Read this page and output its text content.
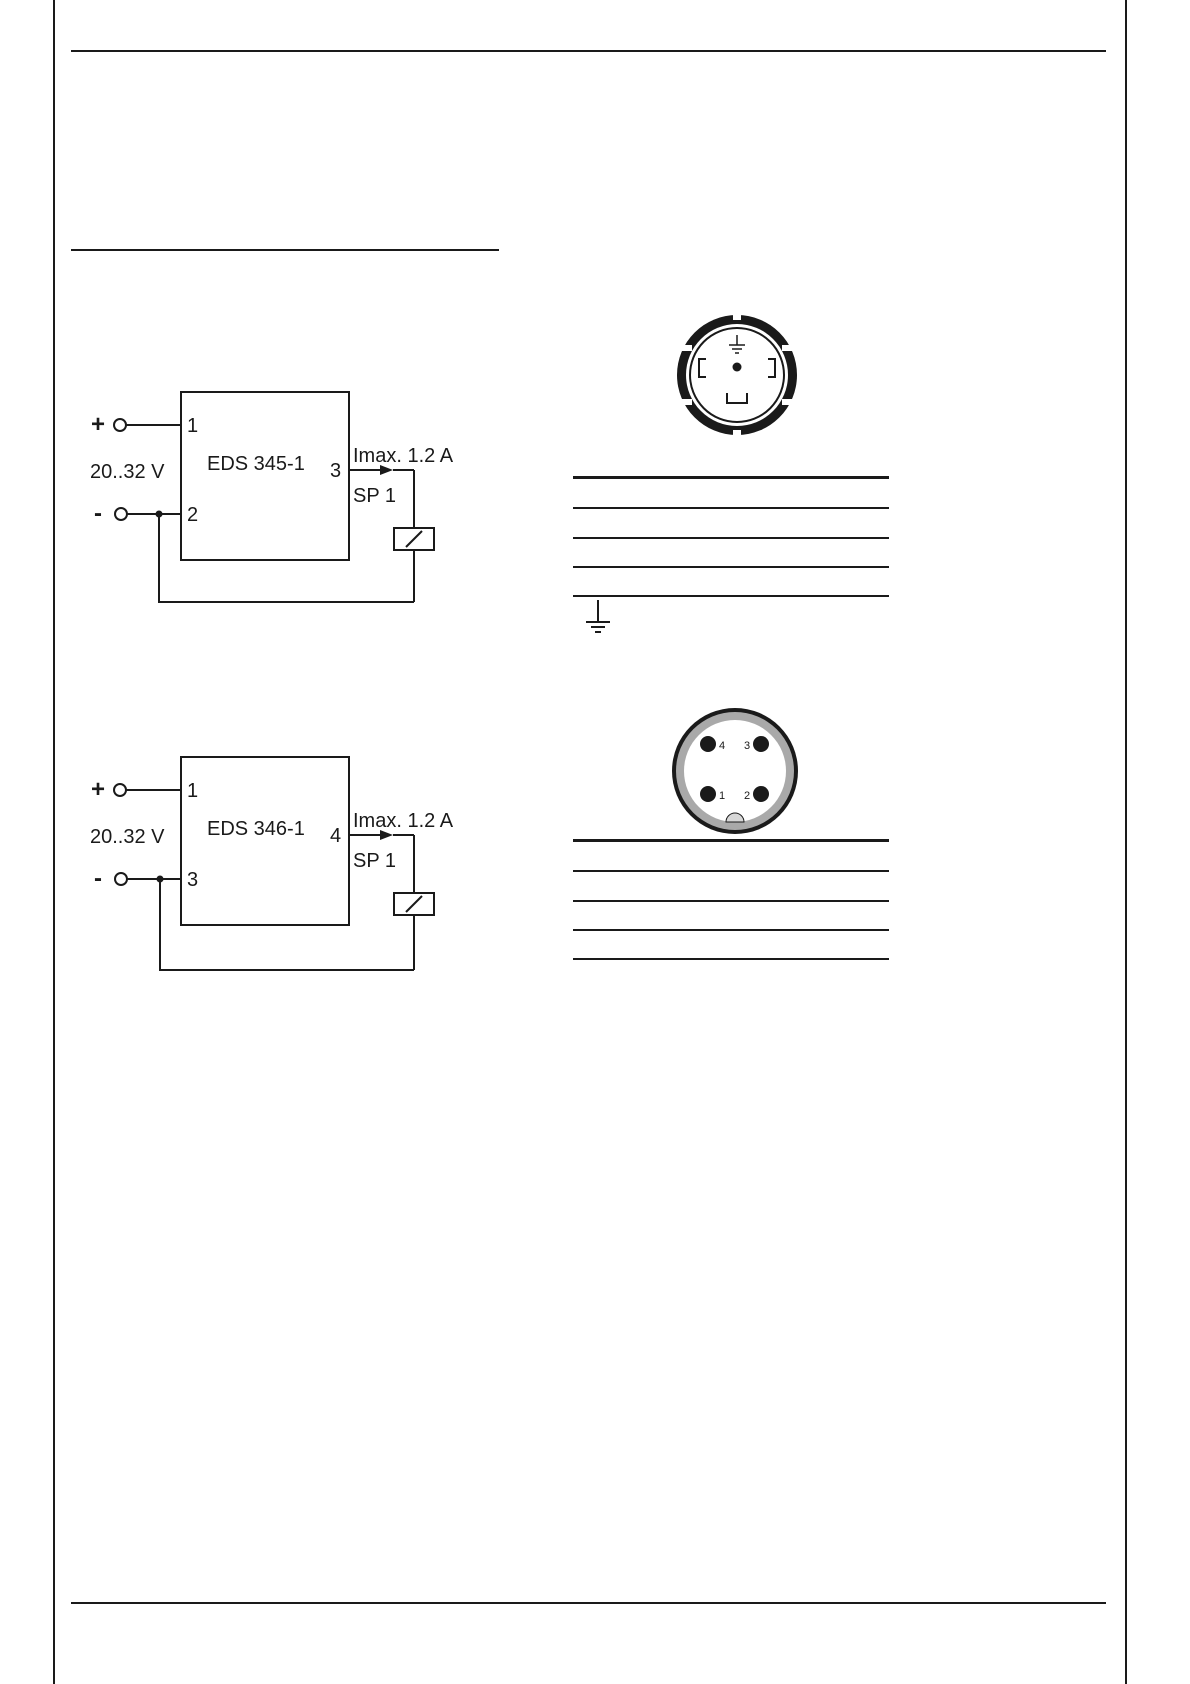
+	1
20..32 V EDS 345-1 3
Imax. 1.2 A
SP 1
-	2
+	1
20..32 V EDS 346-1 4
Imax. 1.2 A
SP 1
-	3
4 3
1 2
